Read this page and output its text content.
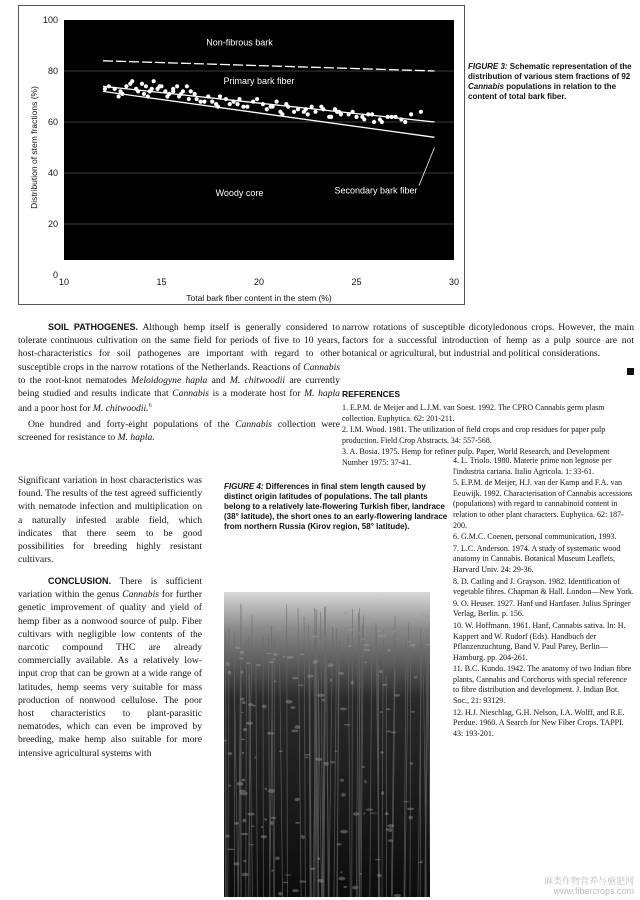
0
20
40
60
80
100
10	15	20	25	30
Total bark fiber content in the stem (%)
Distribution of stem fractions (%)
Non-fibrous bark
Primary bark fiber
Woody core	Secondary bark fiber
FIGURE 3: Schematic representation of the distribution of various stem fractions of 92 Cannabis populations in relation to the content of total bark fiber.

SOIL PATHOGENES. Although hemp itself is generally considered to tolerate continuous cultivation on the same field for periods of five to 10 years, host-characteristics for soil pathogenes are important with regard to other susceptible crops in the narrow rotations of the Netherlands. Reactions of Cannabis to the root-knot nematodes Meloidogyne hapla and M. chitwoodii are currently being studied and results indicate that Cannabis is a moderate host for M. hapla and a poor host for M. chitwoodii.$^6$

One hundred and forty-eight populations of the Cannabis collection were screened for resistance to M. hapla.

Significant variation in host characteristics was found. The results of the test agreed sufficiently with nematode infection and multiplication on a naturally infested arable field, which indicates that there seem to be good possibilities for breeding highly resistant cultivars.

CONCLUSION. There is sufficient variation within the genus Cannabis for further genetic improvement of quality and yield of hemp fiber as a nonwood source of pulp. Fiber cultivars with negligible low contents of the narcotic compound THC are already commercially available. As a relatively low-input crop that can be grown at a wide range of latitudes, hemp seems very suitable for mass production of nonwood cellulose. The poor host characteristics to plant-parasitic nematodes, which can even be improved by breeding, make hemp also suitable for more intensive agricultural systems with

narrow rotations of susceptible dicotyledonous crops. However, the main factors for a successful introduction of hemp as a pulp source are not botanical or agricultural, but industrial and political considerations.

REFERENCES
1. E.P.M. de Meijer and L.J.M. van Soest. 1992. The CPRO Cannabis germ plasm collection. Euphytica. 62: 201-211.
2. I.M. Wood. 1981. The utilization of field crops and crop residues for paper pulp production. Field Crop Abstracts. 34: 557-568.
3. A. Bosia. 1975. Hemp for refiner pulp. Paper, World Research, and Development Number 1975: 37-41.	4. L. Triolo. 1980. Materie prime non legnose per l'industria cartaria. Italio Agricola. 1: 33-61.
5. E.P.M. de Meijer, H.J. van der Kamp and F.A. van Eeuwijk. 1992. Characterisation of Cannabis accessions (populations) with regard to cannabinoid content in relation to other plant characters. Euphytica. 62: 187-200.
6. G.M.C. Coenen, personal communication, 1993.
7. L.C. Anderson. 1974. A study of systematic wood anatomy in Cannabis. Botanical Museum Leaflets, Harvard Univ. 24: 29-36.
8. D. Catling and J. Grayson. 1982. Identification of vegetable fibres. Chapman & Hall. London—New York.
9. O. Heuser. 1927. Hanf und Hartfaser. Julius Springer Verlag, Berlin. p. 156.
10. W. Hoffmann. 1961. Hanf, Cannabis sativa. In: H. Kappert and W. Rudorf (Eds). Handbuch der Pflanzenzuchtung, Band V. Paul Parey, Berlin—Hamburg. pp. 204-261.
11. B.C. Kundu. 1942. The anatomy of two Indian fibre plants, Cannabis and Corchorus with special reference to fibre distribution and development. J. Indian Bot. Soc., 21: 93129.
12. H.J. Nieschlag, G.H. Nelson, I.A. Wolff, and R.E. Perdue. 1960. A Search for New Fiber Crops. TAPPI. 43: 193-201.
FIGURE 4: Differences in final stem length caused by distinct origin latitudes of populations. The tall plants belong to a relatively late-flowering Turkish fiber, landrace (38° latitude), the short ones to an early-flowering landrace from northern Russia (Kirov region, 58° latitude).
麻类作物营养与施肥网
www.fibercrops.com
